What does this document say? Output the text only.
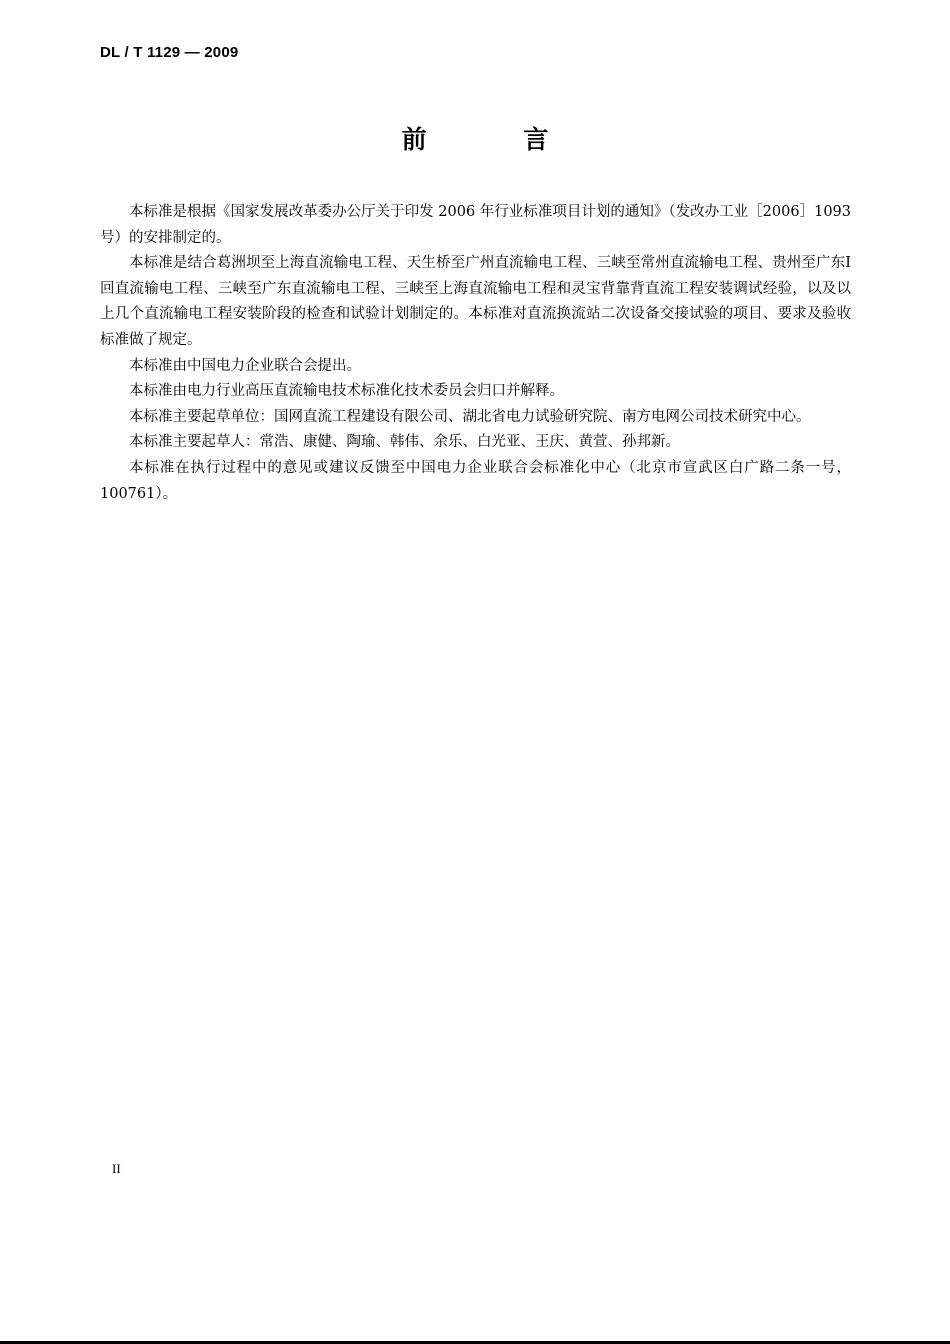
DL / T 1129 — 2009
前 言

本标准是根据《国家发展改革委办公厅关于印发 2006 年行业标准项目计划的通知》（发改办工业［2006］1093 号）的安排制定的。

本标准是结合葛洲坝至上海直流输电工程、天生桥至广州直流输电工程、三峡至常州直流输电工程、贵州至广东Ⅰ回直流输电工程、三峡至广东直流输电工程、三峡至上海直流输电工程和灵宝背靠背直流工程安装调试经验，以及以上几个直流输电工程安装阶段的检查和试验计划制定的。本标准对直流换流站二次设备交接试验的项目、要求及验收标准做了规定。

本标准由中国电力企业联合会提出。

本标准由电力行业高压直流输电技术标准化技术委员会归口并解释。

本标准主要起草单位：国网直流工程建设有限公司、湖北省电力试验研究院、南方电网公司技术研究中心。

本标准主要起草人：常浩、康健、陶瑜、韩伟、余乐、白光亚、王庆、黄萱、孙邦新。

本标准在执行过程中的意见或建议反馈至中国电力企业联合会标准化中心（北京市宣武区白广路二条一号，100761）。

II
